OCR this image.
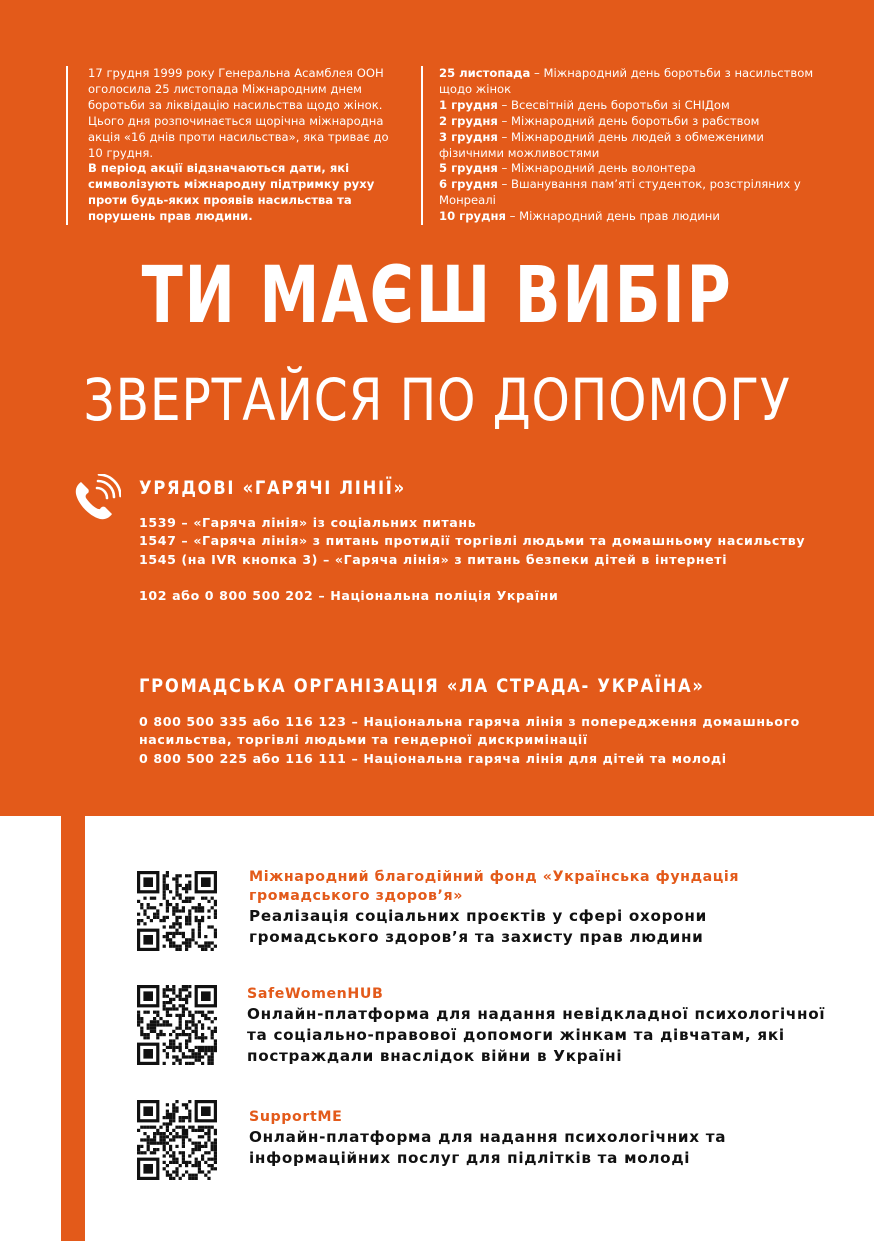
17 грудня 1999 року Генеральна Асамблея ООН оголосила 25 листопада Міжнародним днем боротьби за ліквідацію насильства щодо жінок. Цього дня розпочинається щорічна міжнародна акція «16 днів проти насильства», яка триває до 10 грудня.

В період акції відзначаються дати, які символізують міжнародну підтримку руху проти будь-яких проявів насильства та порушень прав людини.

25 листопада – Міжнародний день боротьби з насильством щодо жінок

1 грудня – Всесвітній день боротьби зі СНІДом

2 грудня – Міжнародний день боротьби з рабством

3 грудня – Міжнародний день людей з обмеженими фізичними можливостями

5 грудня – Міжнародний день волонтера

6 грудня – Вшанування пам’яті студенток, розстріляних у Монреалі

10 грудня – Міжнародний день прав людини

ТИ МАЄШ ВИБІР
ЗВЕРТАЙСЯ ПО ДОПОМОГУ
УРЯДОВІ «ГАРЯЧІ ЛІНІЇ»

1539 – «Гаряча лінія» із соціальних питань

1547 – «Гаряча лінія» з питань протидії торгівлі людьми та домашньому насильству

1545 (на IVR кнопка 3) – «Гаряча лінія» з питань безпеки дітей в інтернеті

102 або 0 800 500 202 – Національна поліція України

ГРОМАДСЬКА ОРГАНІЗАЦІЯ «ЛА СТРАДА- УКРАЇНА»

0 800 500 335 або 116 123 – Національна гаряча лінія з попередження домашнього насильства, торгівлі людьми та гендерної дискримінації

0 800 500 225 або 116 111 – Національна гаряча лінія для дітей та молоді

Міжнародний благодійний фонд «Українська фундація громадського здоров’я»
Реалізація соціальних проєктів у сфері охорони громадського здоров’я та захисту прав людини
SafeWomenHUB
Онлайн-платформа для надання невідкладної психологічної та соціально-правової допомоги жінкам та дівчатам, які постраждали внаслідок війни в Україні
SupportME
Онлайн-платформа для надання психологічних та інформаційних послуг для підлітків та молоді
